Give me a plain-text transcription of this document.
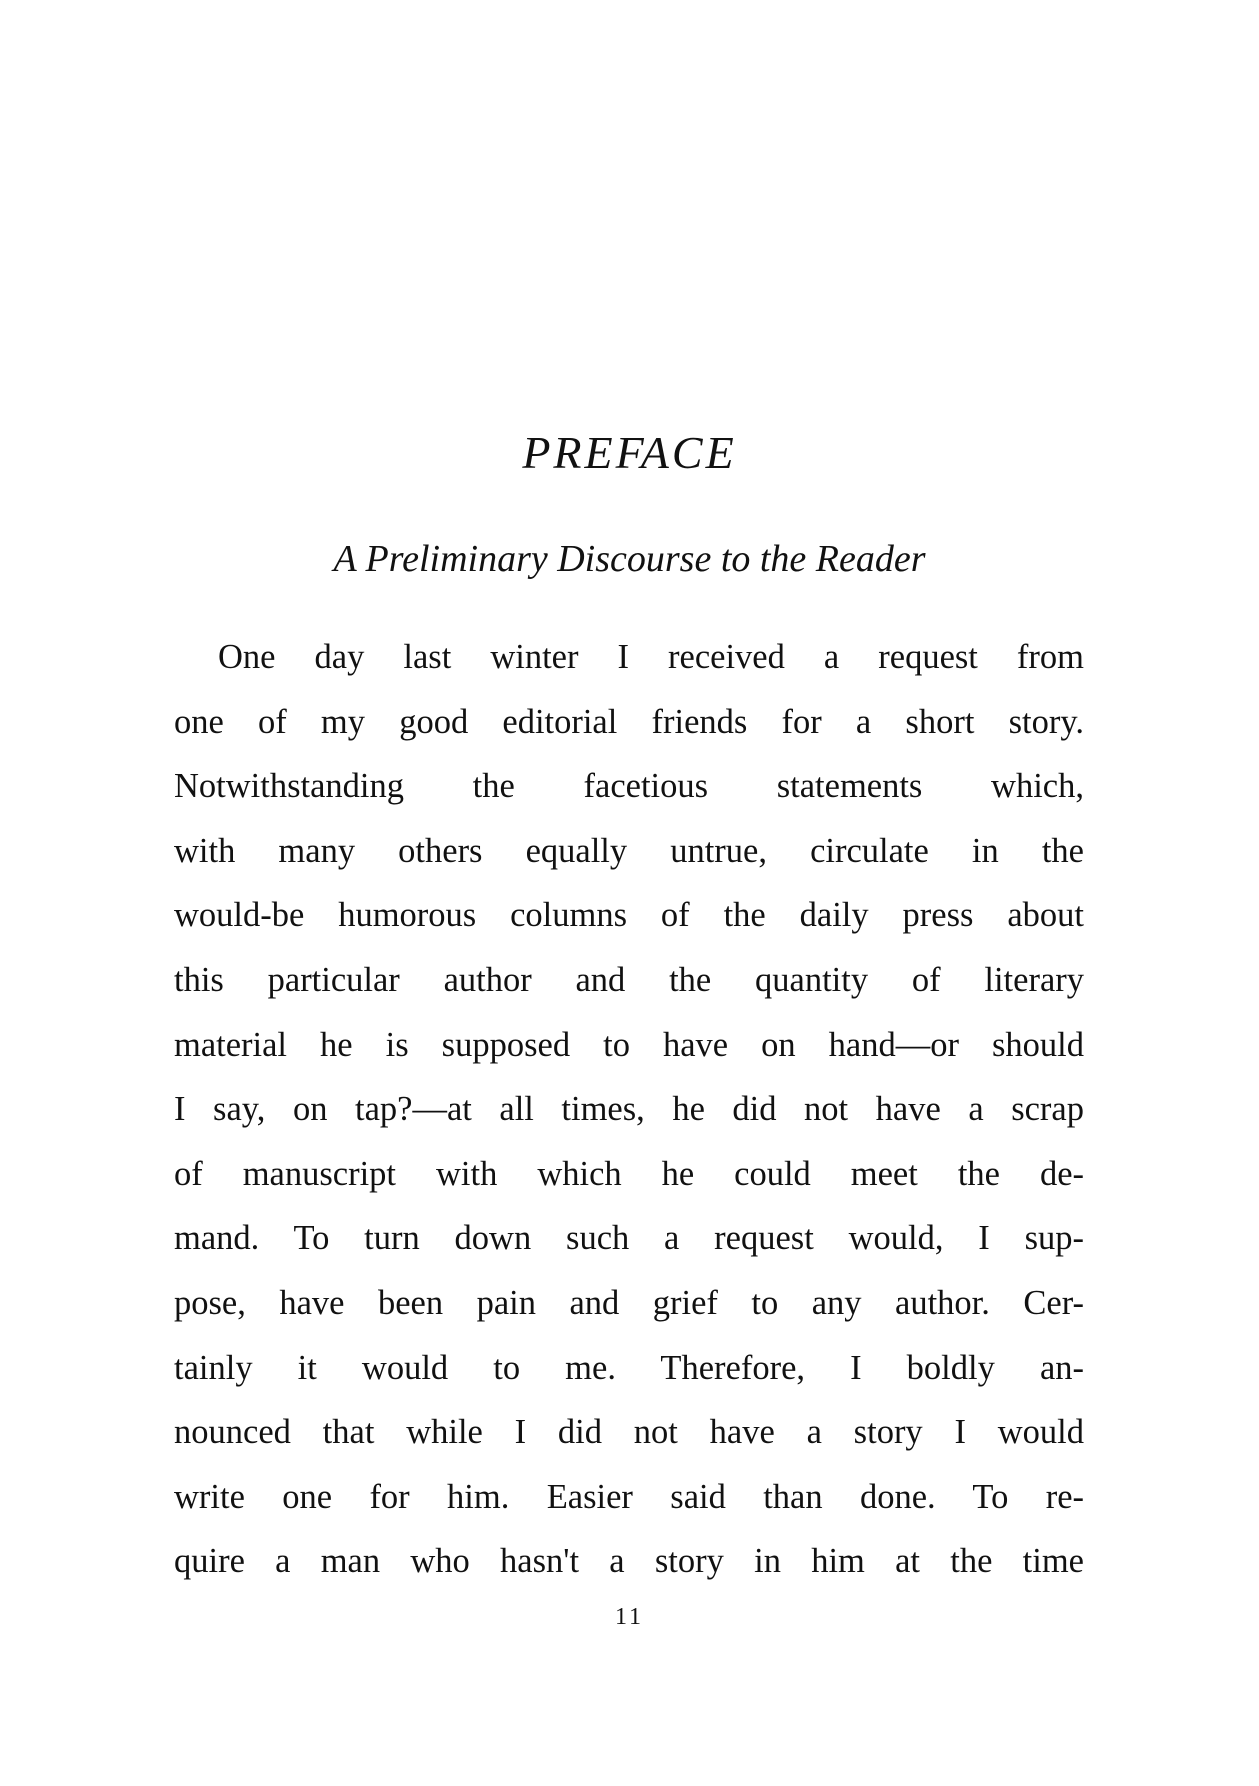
PREFACE
A Preliminary Discourse to the Reader
One day last winter I received a request from
one of my good editorial friends for a short story.
Notwithstanding the facetious statements which,
with many others equally untrue, circulate in the
would-be humorous columns of the daily press about
this particular author and the quantity of literary
material he is supposed to have on hand—or should
I say, on tap?—at all times, he did not have a scrap
of manuscript with which he could meet the de-
mand. To turn down such a request would, I sup-
pose, have been pain and grief to any author. Cer-
tainly it would to me. Therefore, I boldly an-
nounced that while I did not have a story I would
write one for him. Easier said than done. To re-
quire a man who hasn't a story in him at the time
11
